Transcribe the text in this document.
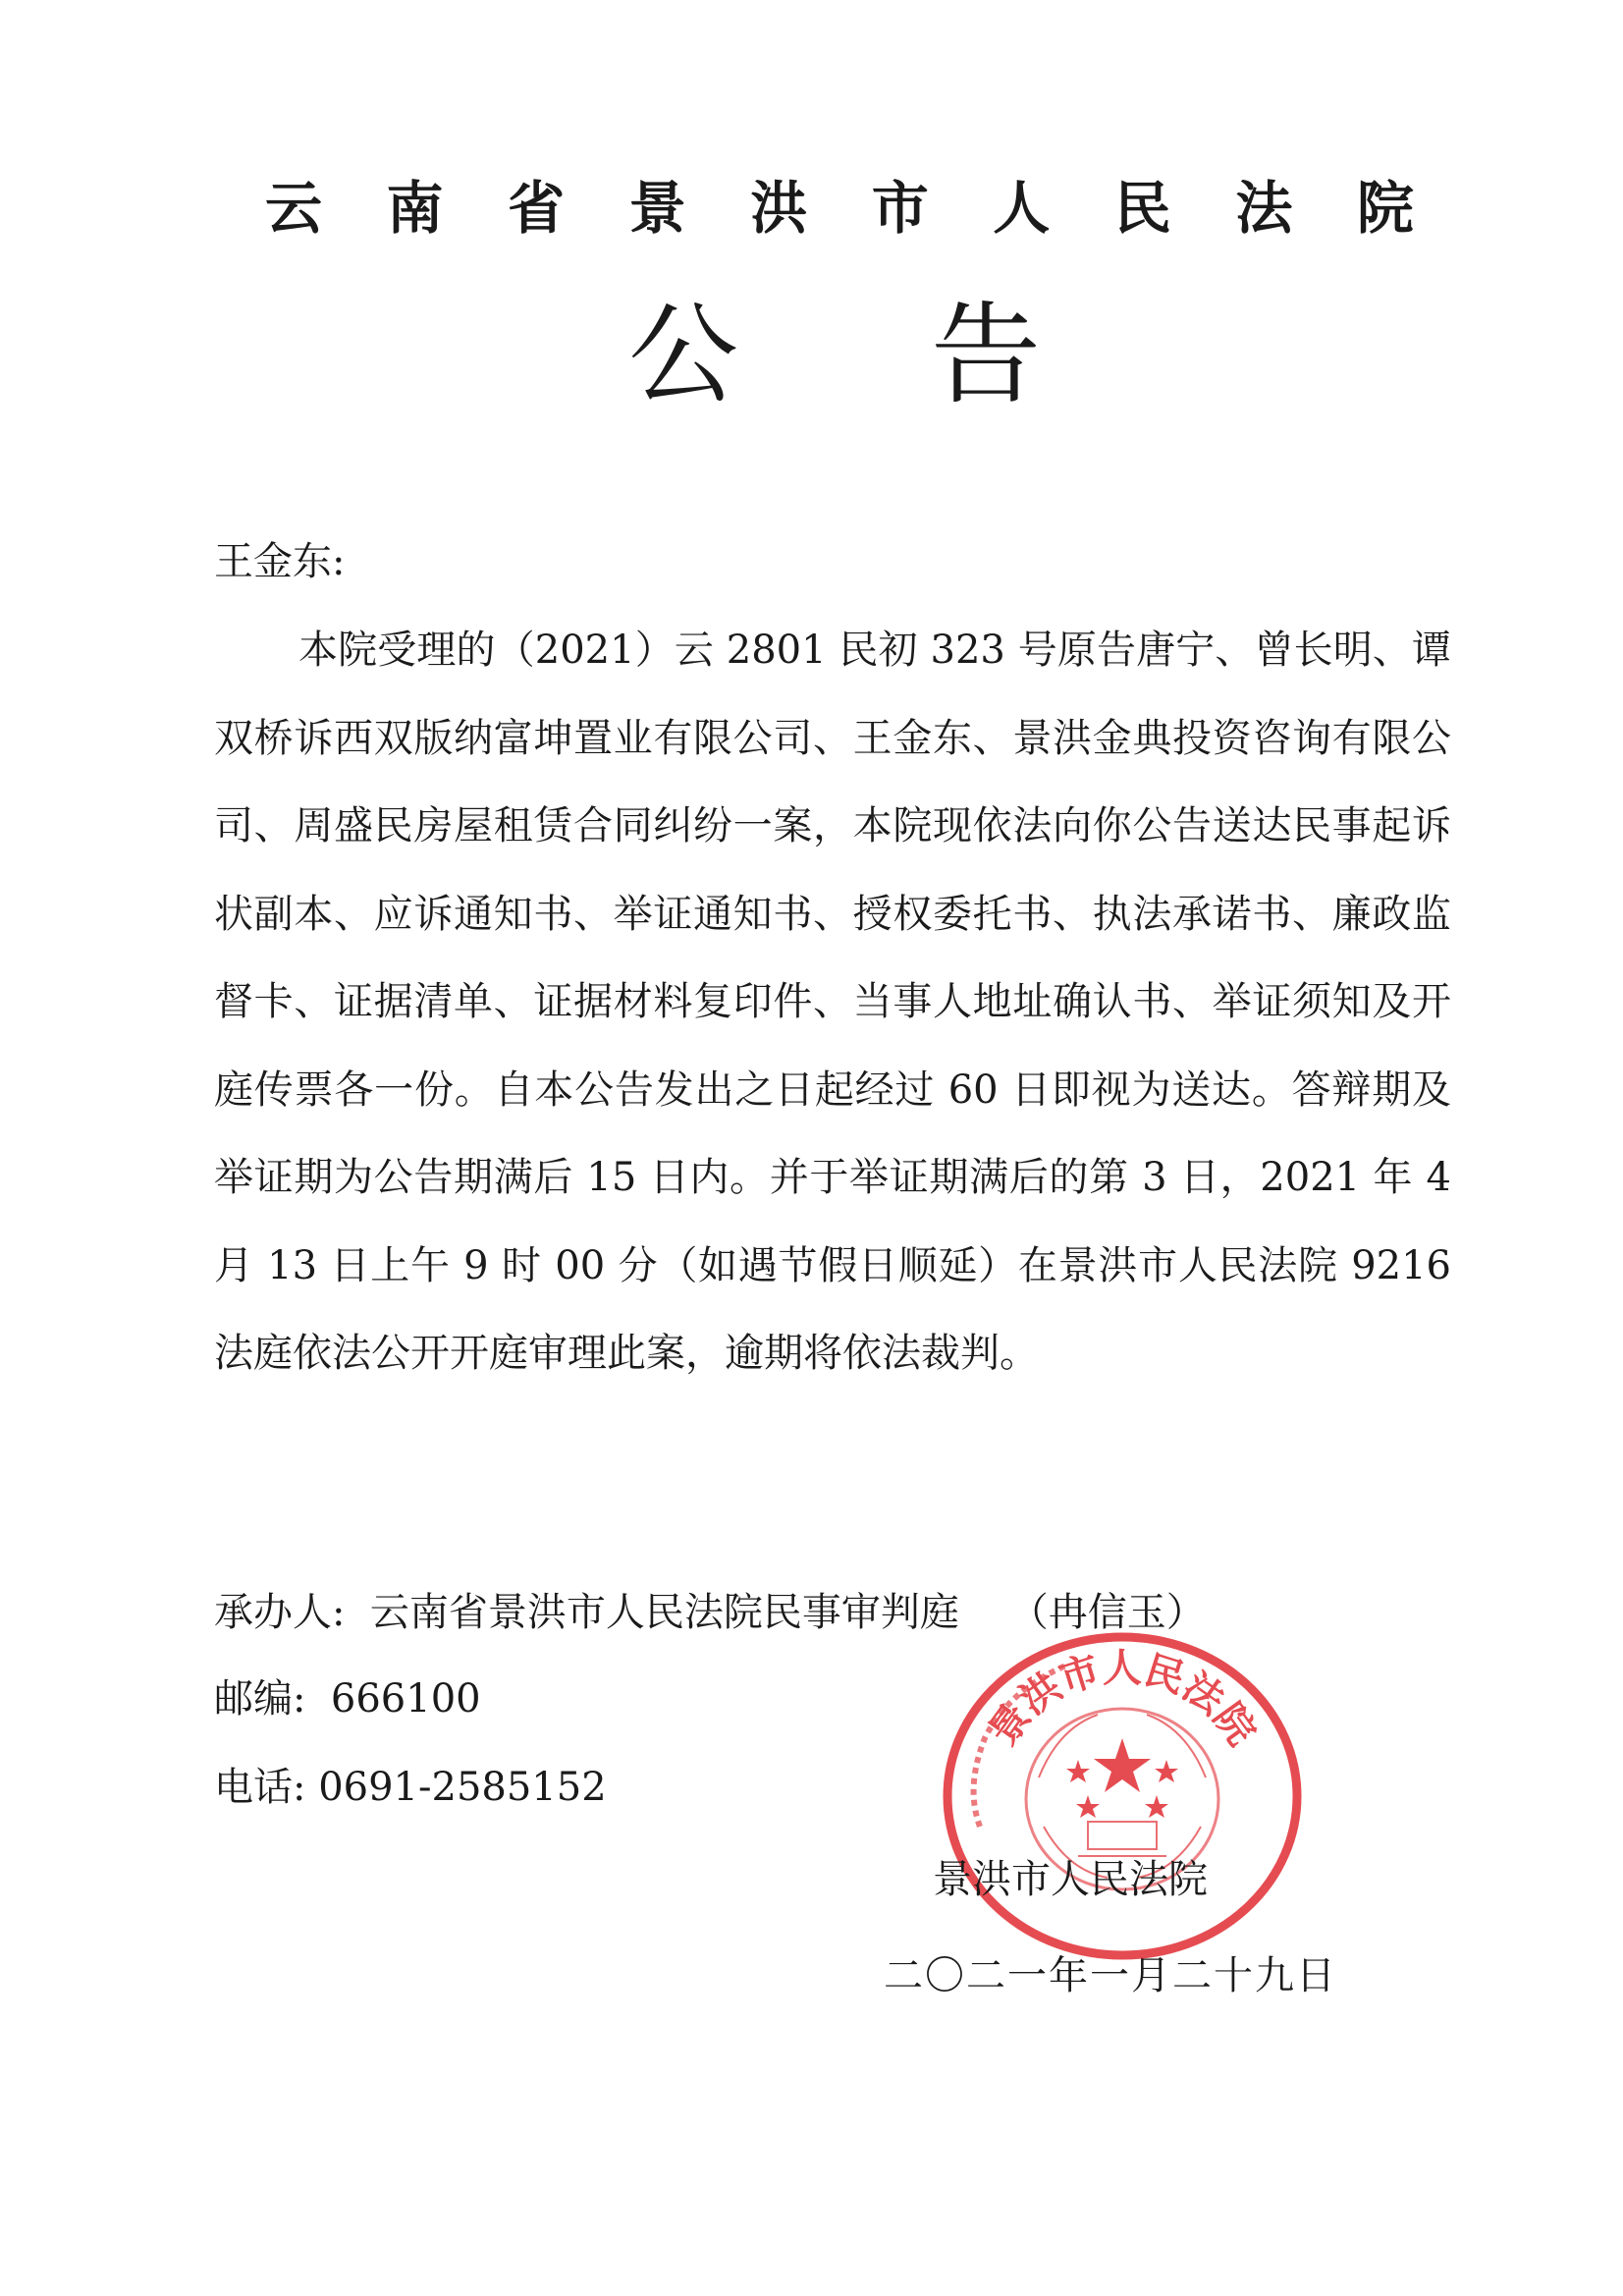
云 南 省 景 洪 市 人 民 法 院
公 告
王金东:

本院受理的（2021）云 2801 民初 323 号原告唐宁、曾长明、谭双桥诉西双版纳富坤置业有限公司、王金东、景洪金典投资咨询有限公司、周盛民房屋租赁合同纠纷一案，本院现依法向你公告送达民事起诉状副本、应诉通知书、举证通知书、授权委托书、执法承诺书、廉政监督卡、证据清单、证据材料复印件、当事人地址确认书、举证须知及开庭传票各一份。自本公告发出之日起经过 60 日即视为送达。答辩期及举证期为公告期满后 15 日内。并于举证期满后的第 3 日，2021 年 4 月 13 日上午 9 时 00 分（如遇节假日顺延）在景洪市人民法院 9216 法庭依法公开开庭审理此案，逾期将依法裁判。

承办人:  云南省景洪市人民法院民事审判庭    （冉信玉）
邮编:  666100
电话: 0691-2585152
景洪市人民法院
景洪市人民法院
二〇二一年一月二十九日
